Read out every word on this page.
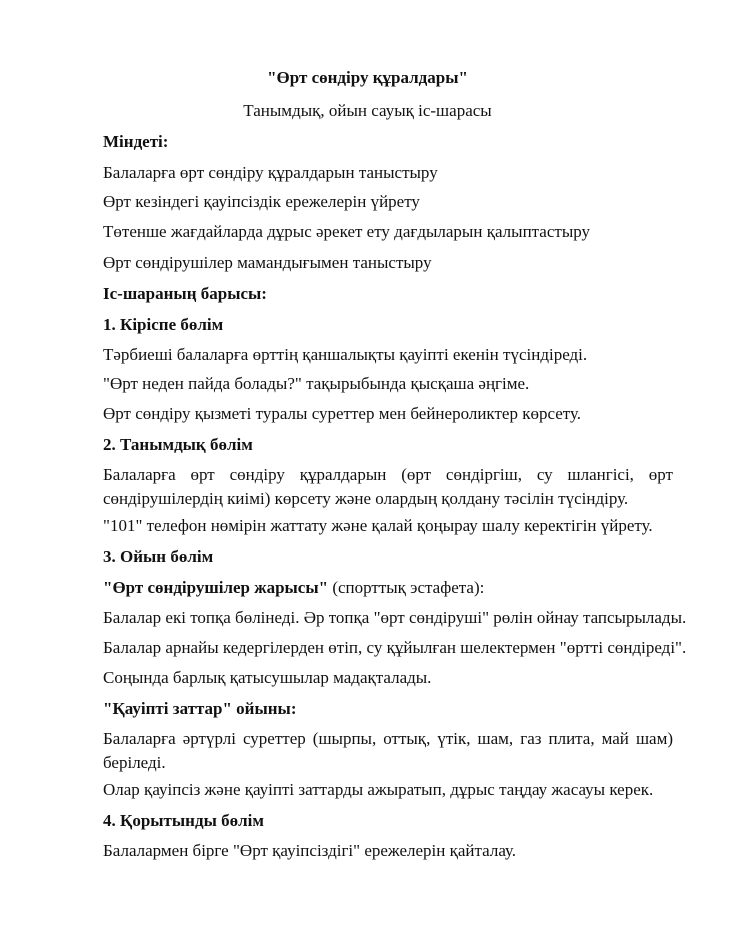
"Өрт сөндіру құралдары"
Танымдық, ойын сауық іс-шарасы
Міндеті:
Балаларға өрт сөндіру құралдарын таныстыру
Өрт кезіндегі қауіпсіздік ережелерін үйрету
Төтенше жағдайларда дұрыс әрекет ету дағдыларын қалыптастыру
Өрт сөндірушілер мамандығымен таныстыру
Іс-шараның барысы:
1. Кіріспе бөлім
Тәрбиеші балаларға өрттің қаншалықты қауіпті екенін түсіндіреді.
"Өрт неден пайда болады?" тақырыбында қысқаша әңгіме.
Өрт сөндіру қызметі туралы суреттер мен бейнероликтер көрсету.
2. Танымдық бөлім
Балаларға өрт сөндіру құралдарын (өрт сөндіргіш, су шлангісі, өрт сөндірушілердің киімі) көрсету және олардың қолдану тәсілін түсіндіру.
"101" телефон нөмірін жаттату және қалай қоңырау шалу керектігін үйрету.
3. Ойын бөлім
"Өрт сөндірушілер жарысы" (спорттық эстафета):
Балалар екі топқа бөлінеді. Әр топқа "өрт сөндіруші" рөлін ойнау тапсырылады.
Балалар арнайы кедергілерден өтіп, су құйылған шелектермен "өртті сөндіреді".
Соңында барлық қатысушылар мадақталады.
"Қауіпті заттар" ойыны:
Балаларға әртүрлі суреттер (шырпы, оттық, үтік, шам, газ плита, май шам) беріледі.
Олар қауіпсіз және қауіпті заттарды ажыратып, дұрыс таңдау жасауы керек.
4. Қорытынды бөлім
Балалармен бірге "Өрт қауіпсіздігі" ережелерін қайталау.
